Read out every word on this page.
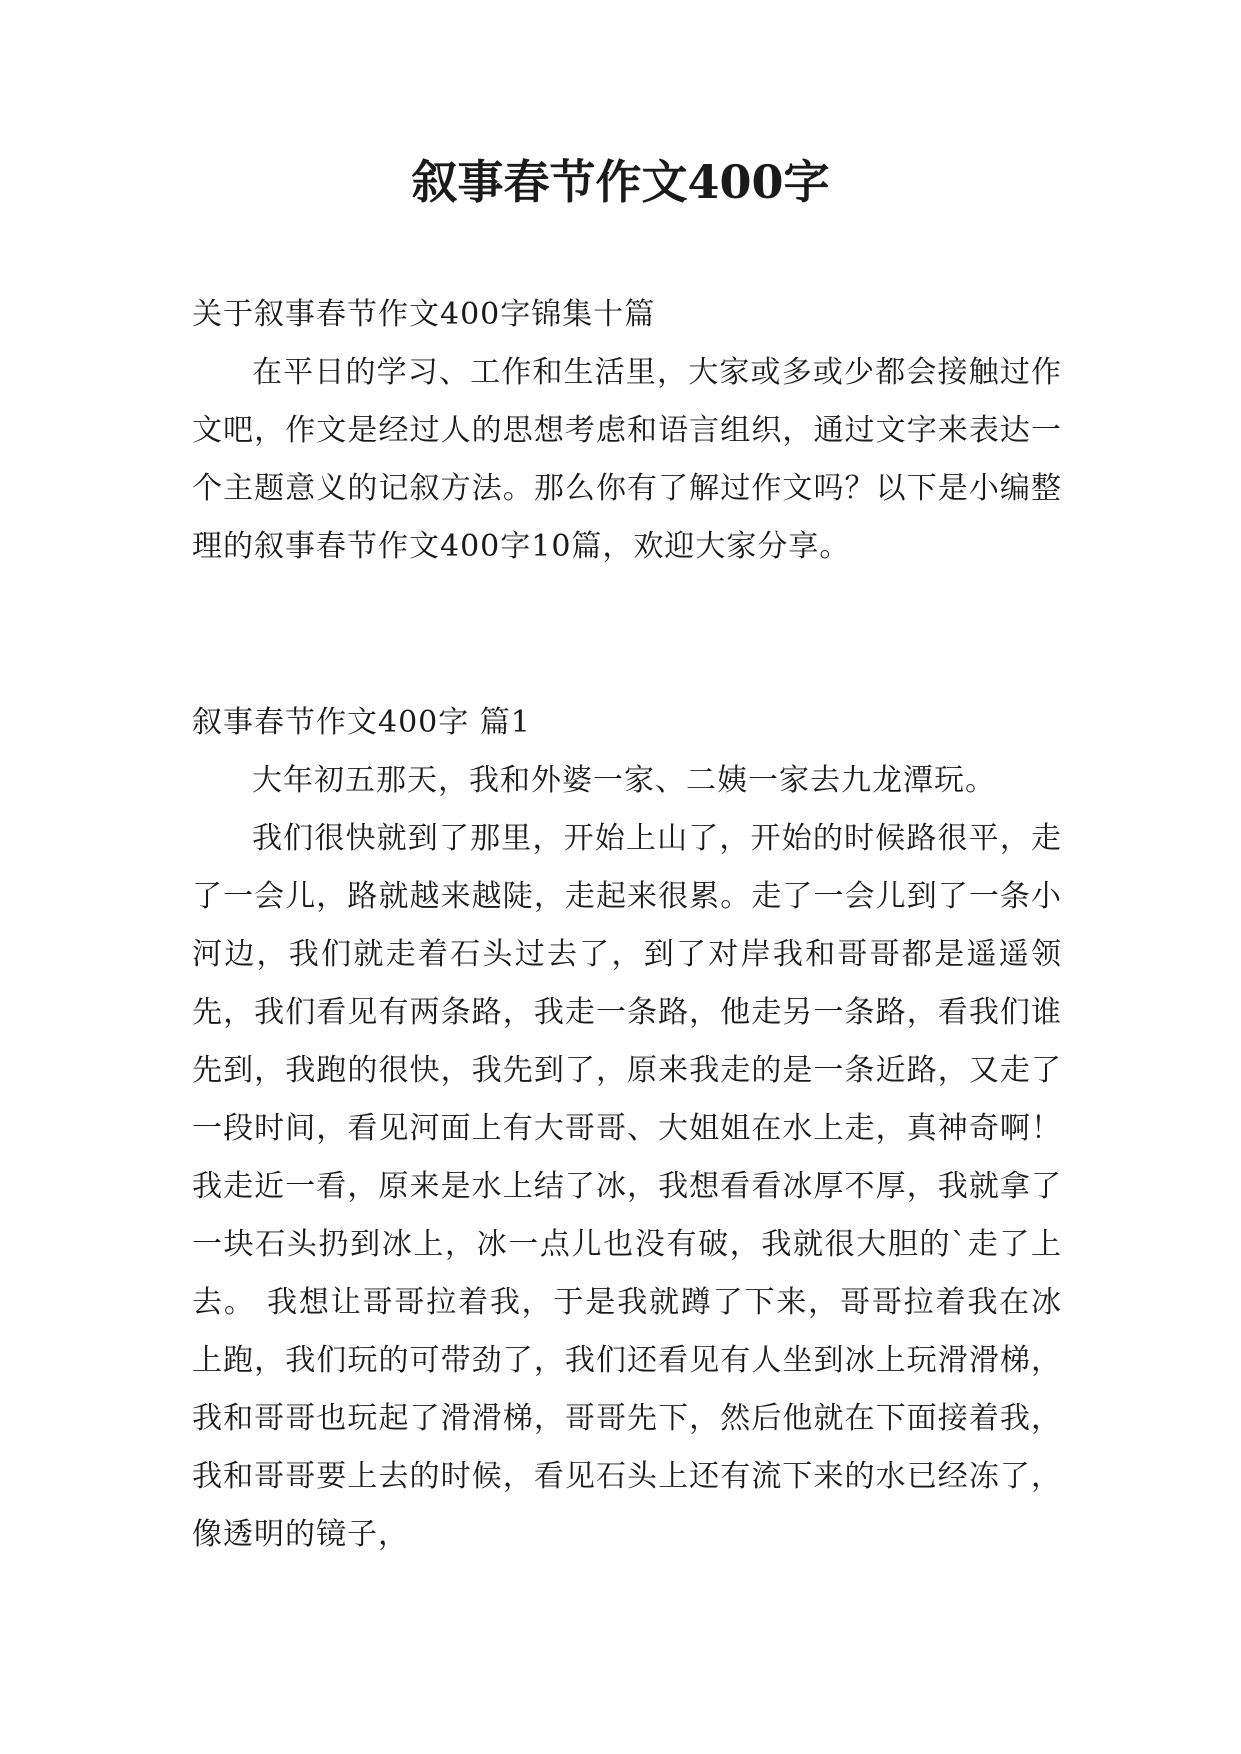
叙事春节作文400字

关于叙事春节作文400字锦集十篇

在平日的学习、工作和生活里，大家或多或少都会接触过作文吧，作文是经过人的思想考虑和语言组织，通过文字来表达一个主题意义的记叙方法。那么你有了解过作文吗？以下是小编整理的叙事春节作文400字10篇，欢迎大家分享。

叙事春节作文400字 篇1

大年初五那天，我和外婆一家、二姨一家去九龙潭玩。

我们很快就到了那里，开始上山了，开始的时候路很平，走了一会儿，路就越来越陡，走起来很累。走了一会儿到了一条小河边，我们就走着石头过去了，到了对岸我和哥哥都是遥遥领先，我们看见有两条路，我走一条路，他走另一条路，看我们谁先到，我跑的很快，我先到了，原来我走的是一条近路，又走了一段时间，看见河面上有大哥哥、大姐姐在水上走，真神奇啊！我走近一看，原来是水上结了冰，我想看看冰厚不厚，我就拿了一块石头扔到冰上，冰一点儿也没有破，我就很大胆的`走了上去。 我想让哥哥拉着我，于是我就蹲了下来，哥哥拉着我在冰上跑，我们玩的可带劲了，我们还看见有人坐到冰上玩滑滑梯，我和哥哥也玩起了滑滑梯，哥哥先下，然后他就在下面接着我，我和哥哥要上去的时候，看见石头上还有流下来的水已经冻了，像透明的镜子，
